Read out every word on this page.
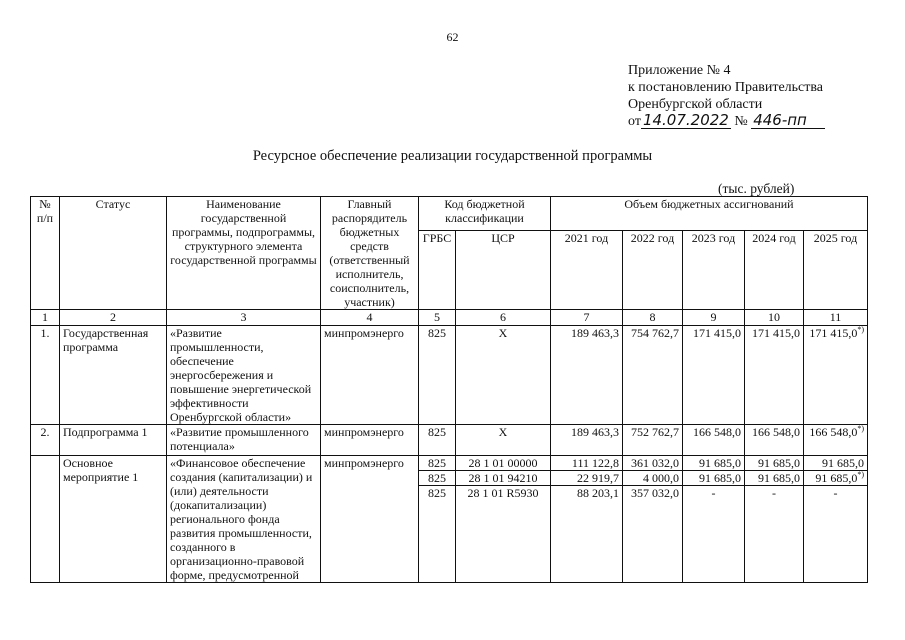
62
Приложение № 4
к постановлению Правительства
Оренбургской области
от 14.07.2022 № 446-пп
Ресурсное обеспечение реализации государственной программы
(тыс. рублей)
№ п/п	Статус	Наименование государственной программы, подпрограммы, структурного элемента государственной программы	Главный распорядитель бюджетных средств (ответственный исполнитель, соисполнитель, участник)	Код бюджетной классификации		Объем бюджетных ассигнований				
				ГРБС	ЦСР	2021 год	2022 год	2023 год	2024 год	2025 год
1	2	3	4	5	6	7	8	9	10	11
1.	Государственная программа	«Развитие промышленности, обеспечение энергосбережения и повышение энергетической эффективности Оренбургской области»	минпромэнерго	825	X	189 463,3	754 762,7	171 415,0	171 415,0	171 415,0*)
2.	Подпрограмма 1	«Развитие промышленного потенциала»	минпромэнерго	825	X	189 463,3	752 762,7	166 548,0	166 548,0	166 548,0*)
	Основное мероприятие 1	«Финансовое обеспечение создания (капитализации) и (или) деятельности (докапитализации) регионального фонда развития промышленности, созданного в организационно-правовой форме, предусмотренной	минпромэнерго	825	28 1 01 00000	111 122,8	361 032,0	91 685,0	91 685,0	91 685,0
				825	28 1 01 94210	22 919,7	4 000,0	91 685,0	91 685,0	91 685,0*)
				825	28 1 01 R5930	88 203,1	357 032,0	-	-	-
